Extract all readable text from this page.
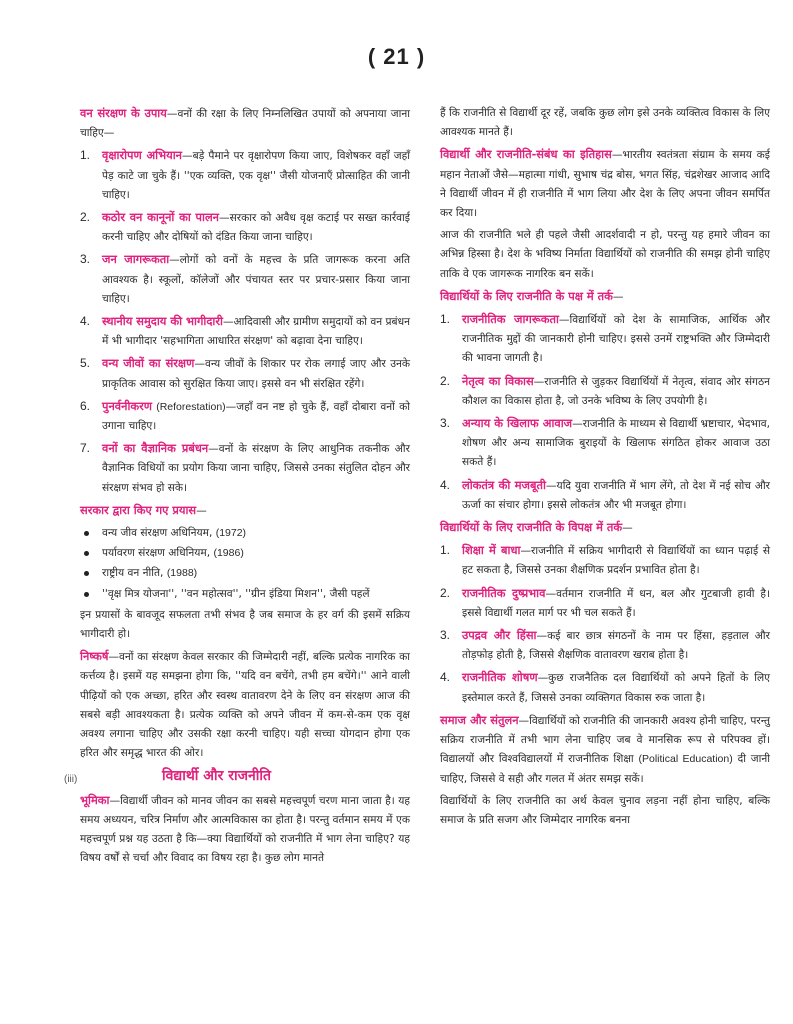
( 21 )

वन संरक्षण के उपाय—वनों की रक्षा के लिए निम्नलिखित उपायों को अपनाया जाना चाहिए—

1. वृक्षारोपण अभियान—बड़े पैमाने पर वृक्षारोपण किया जाए, विशेषकर वहाँ जहाँ पेड़ काटे जा चुके हैं। ''एक व्यक्ति, एक वृक्ष'' जैसी योजनाएँ प्रोत्साहित की जानी चाहिए।
2. कठोर वन कानूनों का पालन—सरकार को अवैध वृक्ष कटाई पर सख्त कार्रवाई करनी चाहिए और दोषियों को दंडित किया जाना चाहिए।
3. जन जागरूकता—लोगों को वनों के महत्त्व के प्रति जागरूक करना अति आवश्यक है। स्कूलों, कॉलेजों और पंचायत स्तर पर प्रचार-प्रसार किया जाना चाहिए।
4. स्थानीय समुदाय की भागीदारी—आदिवासी और ग्रामीण समुदायों को वन प्रबंधन में भी भागीदार 'सहभागिता आधारित संरक्षण' को बढ़ावा देना चाहिए।
5. वन्य जीवों का संरक्षण—वन्य जीवों के शिकार पर रोक लगाई जाए और उनके प्राकृतिक आवास को सुरक्षित किया जाए। इससे वन भी संरक्षित रहेंगे।
6. पुनर्वनीकरण (Reforestation)—जहाँ वन नष्ट हो चुके हैं, वहाँ दोबारा वनों को उगाना चाहिए।
7. वनों का वैज्ञानिक प्रबंधन—वनों के संरक्षण के लिए आधुनिक तकनीक और वैज्ञानिक विधियों का प्रयोग किया जाना चाहिए, जिससे उनका संतुलित दोहन और संरक्षण संभव हो सके।

सरकार द्वारा किए गए प्रयास—

वन्य जीव संरक्षण अधिनियम, (1972)
पर्यावरण संरक्षण अधिनियम, (1986)
राष्ट्रीय वन नीति, (1988)
''वृक्ष मित्र योजना'', ''वन महोत्सव'', ''ग्रीन इंडिया मिशन'', जैसी पहलें

इन प्रयासों के बावजूद सफलता तभी संभव है जब समाज के हर वर्ग की इसमें सक्रिय भागीदारी हो।

निष्कर्ष—वनों का संरक्षण केवल सरकार की जिम्मेदारी नहीं, बल्कि प्रत्येक नागरिक का कर्त्तव्य है। इसमें यह समझना होगा कि, ''यदि वन बचेंगे, तभी हम बचेंगे।'' आने वाली पीढ़ियों को एक अच्छा, हरित और स्वस्थ वातावरण देने के लिए वन संरक्षण आज की सबसे बड़ी आवश्यकता है। प्रत्येक व्यक्ति को अपने जीवन में कम-से-कम एक वृक्ष अवश्य लगाना चाहिए और उसकी रक्षा करनी चाहिए। यही सच्चा योगदान होगा एक हरित और समृद्ध भारत की ओर।

(iii)	विद्यार्थी और राजनीति

भूमिका—विद्यार्थी जीवन को मानव जीवन का सबसे महत्त्वपूर्ण चरण माना जाता है। यह समय अध्ययन, चरित्र निर्माण और आत्मविकास का होता है। परन्तु वर्तमान समय में एक महत्त्वपूर्ण प्रश्न यह उठता है कि—क्या विद्यार्थियों को राजनीति में भाग लेना चाहिए? यह विषय वर्षों से चर्चा और विवाद का विषय रहा है। कुछ लोग मानते

हैं कि राजनीति से विद्यार्थी दूर रहें, जबकि कुछ लोग इसे उनके व्यक्तित्व विकास के लिए आवश्यक मानते हैं।

विद्यार्थी और राजनीति-संबंध का इतिहास—भारतीय स्वतंत्रता संग्राम के समय कई महान नेताओं जैसे—महात्मा गांधी, सुभाष चंद्र बोस, भगत सिंह, चंद्रशेखर आजाद आदि ने विद्यार्थी जीवन में ही राजनीति में भाग लिया और देश के लिए अपना जीवन समर्पित कर दिया।

आज की राजनीति भले ही पहले जैसी आदर्शवादी न हो, परन्तु यह हमारे जीवन का अभिन्न हिस्सा है। देश के भविष्य निर्माता विद्यार्थियों को राजनीति की समझ होनी चाहिए ताकि वे एक जागरूक नागरिक बन सकें।

विद्यार्थियों के लिए राजनीति के पक्ष में तर्क—

1. राजनीतिक जागरूकता—विद्यार्थियों को देश के सामाजिक, आर्थिक और राजनीतिक मुद्दों की जानकारी होनी चाहिए। इससे उनमें राष्ट्रभक्ति और जिम्मेदारी की भावना जागती है।
2. नेतृत्व का विकास—राजनीति से जुड़कर विद्यार्थियों में नेतृत्व, संवाद ओर संगठन कौशल का विकास होता है, जो उनके भविष्य के लिए उपयोगी है।
3. अन्याय के खिलाफ आवाज—राजनीति के माध्यम से विद्यार्थी भ्रष्टाचार, भेदभाव, शोषण और अन्य सामाजिक बुराइयों के खिलाफ संगठित होकर आवाज उठा सकते हैं।
4. लोकतंत्र की मजबूती—यदि युवा राजनीति में भाग लेंगे, तो देश में नई सोच और ऊर्जा का संचार होगा। इससे लोकतंत्र और भी मजबूत होगा।

विद्यार्थियों के लिए राजनीति के विपक्ष में तर्क—

1. शिक्षा में बाधा—राजनीति में सक्रिय भागीदारी से विद्यार्थियों का ध्यान पढ़ाई से हट सकता है, जिससे उनका शैक्षणिक प्रदर्शन प्रभावित होता है।
2. राजनीतिक दुष्प्रभाव—वर्तमान राजनीति में धन, बल और गुटबाजी हावी है। इससे विद्यार्थी गलत मार्ग पर भी चल सकते हैं।
3. उपद्रव और हिंसा—कई बार छात्र संगठनों के नाम पर हिंसा, हड़ताल और तोड़फोड़ होती है, जिससे शैक्षणिक वातावरण खराब होता है।
4. राजनीतिक शोषण—कुछ राजनैतिक दल विद्यार्थियों को अपने हितों के लिए इस्तेमाल करते हैं, जिससे उनका व्यक्तिगत विकास रुक जाता है।

समाज और संतुलन—विद्यार्थियों को राजनीति की जानकारी अवश्य होनी चाहिए, परन्तु सक्रिय राजनीति में तभी भाग लेना चाहिए जब वे मानसिक रूप से परिपक्व हों। विद्यालयों और विश्वविद्यालयों में राजनीतिक शिक्षा (Political Education) दी जानी चाहिए, जिससे वे सही और गलत में अंतर समझ सकें।

विद्यार्थियों के लिए राजनीति का अर्थ केवल चुनाव लड़ना नहीं होना चाहिए, बल्कि समाज के प्रति सजग और जिम्मेदार नागरिक बनना
